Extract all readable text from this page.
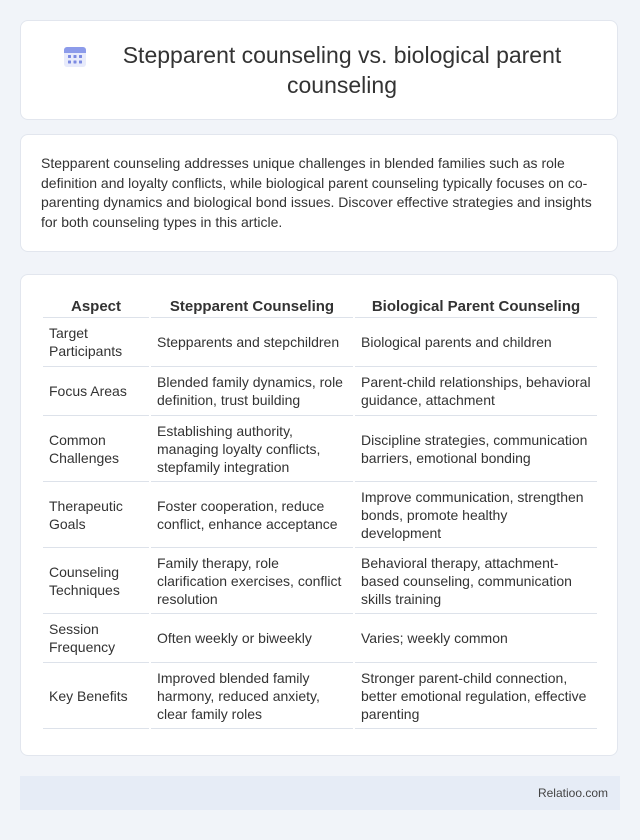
Stepparent counseling vs. biological parent counseling

Stepparent counseling addresses unique challenges in blended families such as role definition and loyalty conflicts, while biological parent counseling typically focuses on co-parenting dynamics and biological bond issues. Discover effective strategies and insights for both counseling types in this article.

Aspect	Stepparent Counseling	Biological Parent Counseling
Target Participants	Stepparents and stepchildren	Biological parents and children
Focus Areas	Blended family dynamics, role definition, trust building	Parent-child relationships, behavioral guidance, attachment
Common Challenges	Establishing authority, managing loyalty conflicts, stepfamily integration	Discipline strategies, communication barriers, emotional bonding
Therapeutic Goals	Foster cooperation, reduce conflict, enhance acceptance	Improve communication, strengthen bonds, promote healthy development
Counseling Techniques	Family therapy, role clarification exercises, conflict resolution	Behavioral therapy, attachment-based counseling, communication skills training
Session Frequency	Often weekly or biweekly	Varies; weekly common
Key Benefits	Improved blended family harmony, reduced anxiety, clear family roles	Stronger parent-child connection, better emotional regulation, effective parenting
Relatioo.com
